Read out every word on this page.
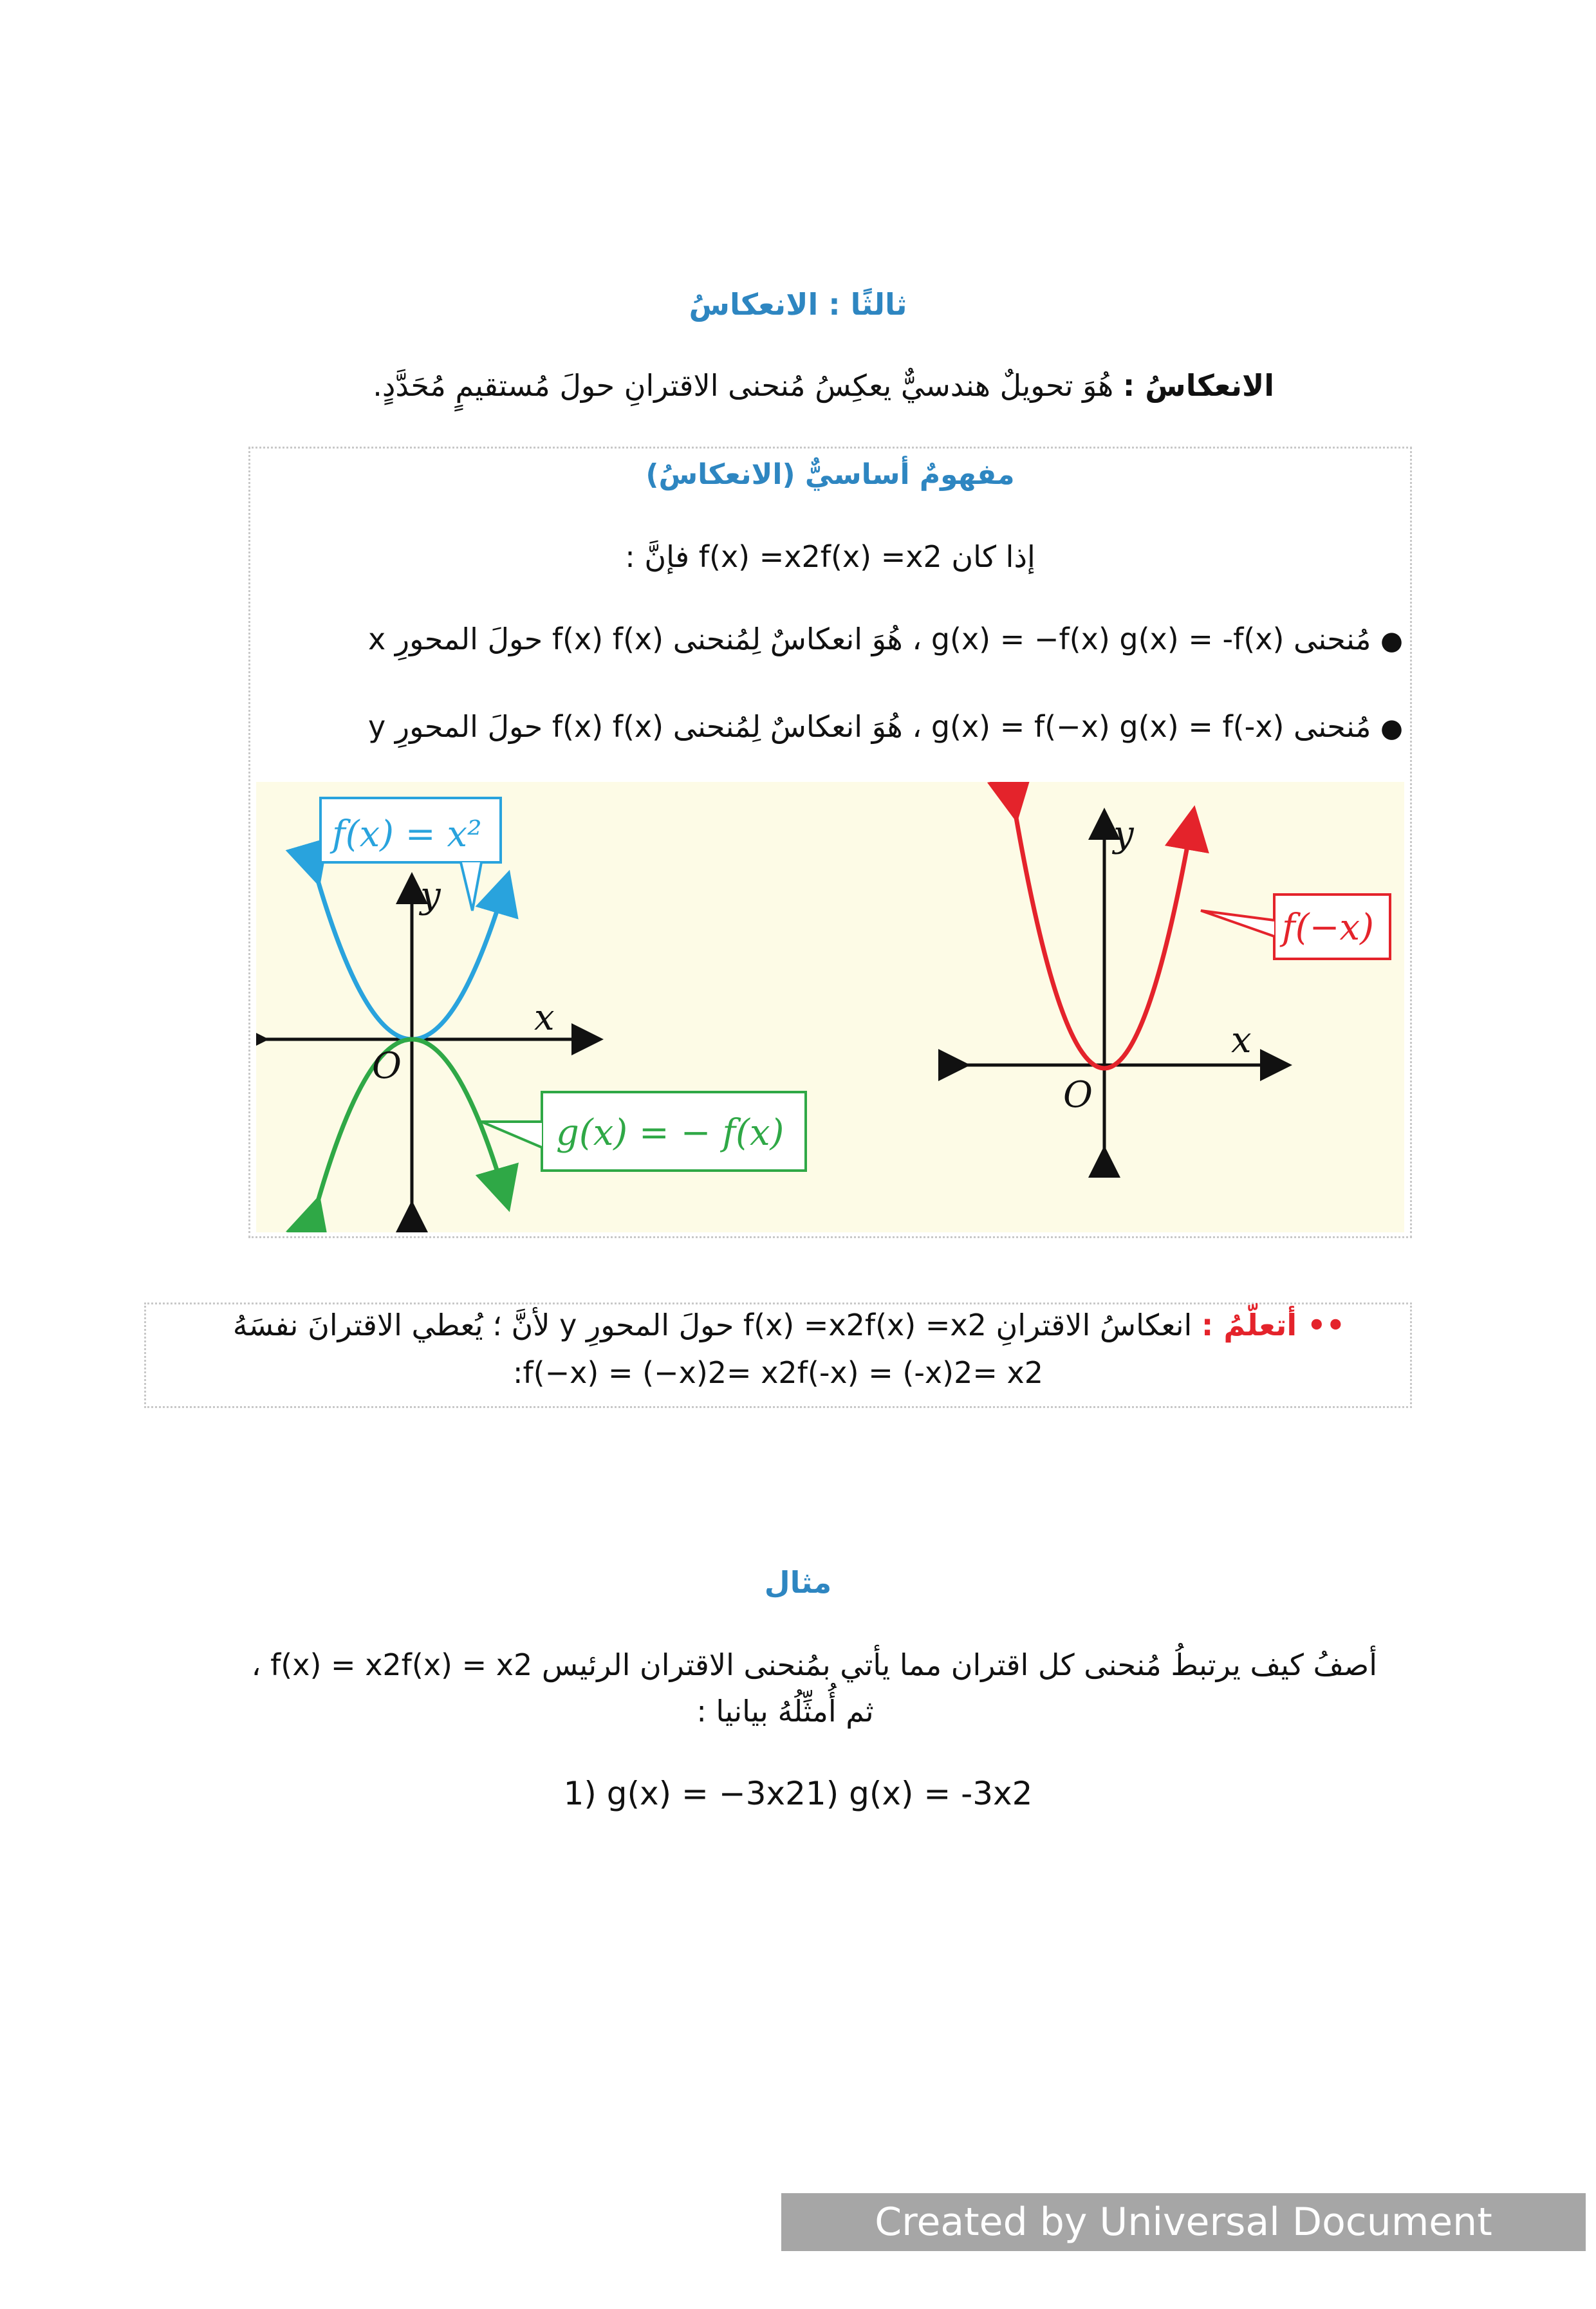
ثالثًا : الانعكاسُ
الانعكاسُ : هُوَ تحويلٌ هندسيٌّ يعكِسُ مُنحنى الاقترانِ حولَ مُستقيمٍ مُحَدَّدٍ.
مفهومٌ أساسيٌّ (الانعكاسُ)
إذا كان f(x) =x2f(x) =x2 فإنَّ :
● مُنحنى g(x) = −f(x) g(x) = -f(x) ، هُوَ انعكاسٌ لِمُنحنى f(x) f(x) حولَ المحورِ x
● مُنحنى g(x) = f(−x) g(x) = f(-x) ، هُوَ انعكاسٌ لِمُنحنى f(x) f(x) حولَ المحورِ y
x
y
O
f(x) = x²
g(x) = − f(x)
x
y
O
f(−x)
•• أتعلّمُ : انعكاسُ الاقترانِ f(x) =x2f(x) =x2 حولَ المحورِ y لأنَّ ؛ يُعطي الاقترانَ نفسَهُ
f(−x) = (−x)2= x2f(-x) = (-x)2= x2:
مثال
أصفُ كيف يرتبطُ مُنحنى كل اقتران مما يأتي بمُنحنى الاقتران الرئيس f(x) = x2f(x) = x2 ،
ثم أُمثِّلُهُ بيانيا :
1) g(x) = −3x21) g(x) = -3x2
Created by Universal Document Converter
